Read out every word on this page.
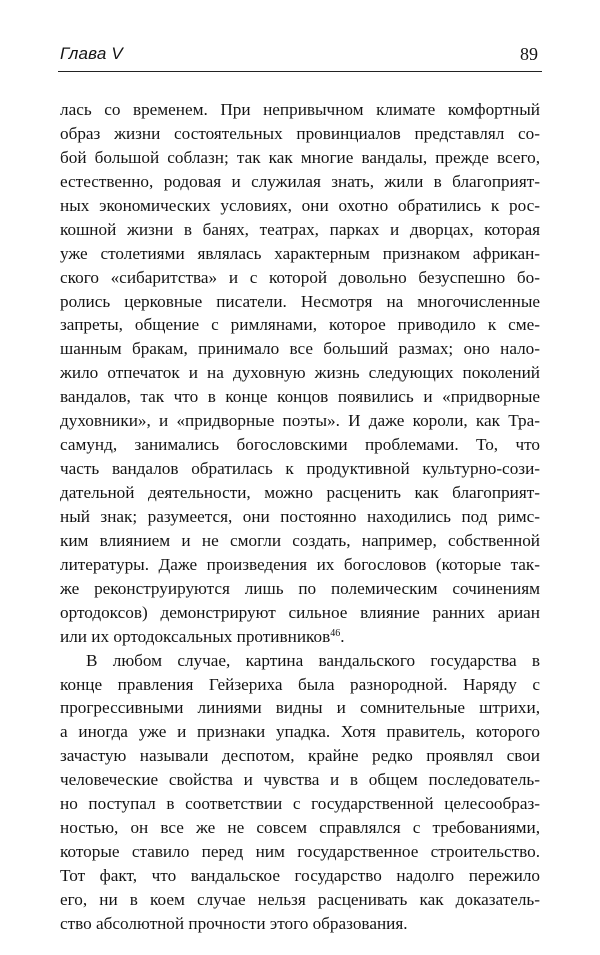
Глава V	89
лась со временем. При непривычном климате комфортный
образ жизни состоятельных провинциалов представлял со-
бой большой соблазн; так как многие вандалы, прежде всего,
естественно, родовая и служилая знать, жили в благоприят-
ных экономических условиях, они охотно обратились к рос-
кошной жизни в банях, театрах, парках и дворцах, которая
уже столетиями являлась характерным признаком африкан-
ского «сибаритства» и с которой довольно безуспешно бо-
ролись церковные писатели. Несмотря на многочисленные
запреты, общение с римлянами, которое приводило к сме-
шанным бракам, принимало все больший размах; оно нало-
жило отпечаток и на духовную жизнь следующих поколений
вандалов, так что в конце концов появились и «придворные
духовники», и «придворные поэты». И даже короли, как Тра-
самунд, занимались богословскими проблемами. То, что
часть вандалов обратилась к продуктивной культурно-сози-
дательной деятельности, можно расценить как благоприят-
ный знак; разумеется, они постоянно находились под римс-
ким влиянием и не смогли создать, например, собственной
литературы. Даже произведения их богословов (которые так-
же реконструируются лишь по полемическим сочинениям
ортодоксов) демонстрируют сильное влияние ранних ариан
или их ортодоксальных противников$^{46}$.
В любом случае, картина вандальского государства в
конце правления Гейзериха была разнородной. Наряду с
прогрессивными линиями видны и сомнительные штрихи,
а иногда уже и признаки упадка. Хотя правитель, которого
зачастую называли деспотом, крайне редко проявлял свои
человеческие свойства и чувства и в общем последователь-
но поступал в соответствии с государственной целесообраз-
ностью, он все же не совсем справлялся с требованиями,
которые ставило перед ним государственное строительство.
Тот факт, что вандальское государство надолго пережило
его, ни в коем случае нельзя расценивать как доказатель-
ство абсолютной прочности этого образования.
